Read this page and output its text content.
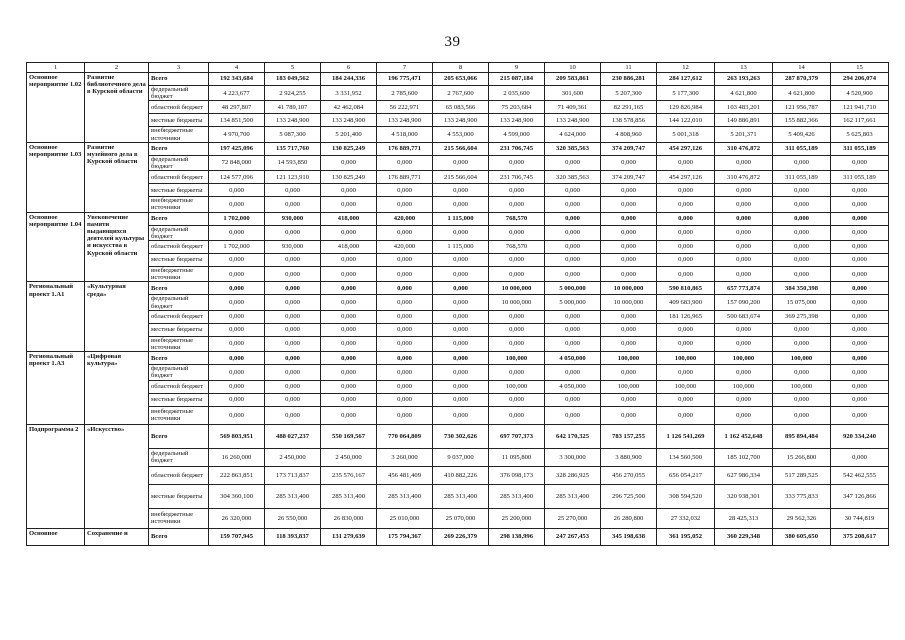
39
1	2	3	4	5	6	7	8	9	10	11	12	13	14	15
Основное мероприятие 1.02	Развитие библиотечного дела в Курской области	Всего	192 343,684	183 049,562	184 244,336	196 775,471	205 653,066	215 087,184	209 583,861	230 886,281	284 127,612	263 193,263	287 870,379	294 206,074
		федеральный бюджет	4 223,677	2 924,255	3 331,952	2 785,600	2 767,600	2 035,600	301,600	5 207,300	5 177,300	4 621,800	4 621,800	4 520,900
		областной бюджет	48 297,807	41 789,107	42 462,084	56 222,971	65 083,566	75 203,684	71 409,361	82 291,165	129 826,984	103 483,201	121 956,787	121 941,710
		местные бюджеты	134 851,500	133 248,900	133 248,900	133 248,900	133 248,900	133 248,900	133 248,900	138 578,856	144 122,010	149 886,891	155 882,366	162 117,661
		внебюджетные источники	4 970,700	5 087,300	5 201,400	4 518,000	4 553,000	4 599,000	4 624,000	4 808,960	5 001,318	5 201,371	5 409,426	5 625,803
Основное мероприятие 1.03	Развитие музейного дела в Курской области	Всего	197 425,096	135 717,760	130 825,249	176 889,771	215 566,604	231 706,745	320 385,563	374 209,747	454 297,126	310 476,872	311 055,189	311 055,189
		федеральный бюджет	72 848,000	14 593,850	0,000	0,000	0,000	0,000	0,000	0,000	0,000	0,000	0,000	0,000
		областной бюджет	124 577,096	121 123,910	130 825,249	176 889,771	215 566,604	231 706,745	320 385,563	374 209,747	454 297,126	310 476,872	311 055,189	311 055,189
		местные бюджеты	0,000	0,000	0,000	0,000	0,000	0,000	0,000	0,000	0,000	0,000	0,000	0,000
		внебюджетные источники	0,000	0,000	0,000	0,000	0,000	0,000	0,000	0,000	0,000	0,000	0,000	0,000
Основное мероприятие 1.04	Увековечение памяти выдающихся деятелей культуры и искусства в Курской области	Всего	1 702,000	930,000	418,000	420,000	1 115,000	768,570	0,000	0,000	0,000	0,000	0,000	0,000
		федеральный бюджет	0,000	0,000	0,000	0,000	0,000	0,000	0,000	0,000	0,000	0,000	0,000	0,000
		областной бюджет	1 702,000	930,000	418,000	420,000	1 115,000	768,570	0,000	0,000	0,000	0,000	0,000	0,000
		местные бюджеты	0,000	0,000	0,000	0,000	0,000	0,000	0,000	0,000	0,000	0,000	0,000	0,000
		внебюджетные источники	0,000	0,000	0,000	0,000	0,000	0,000	0,000	0,000	0,000	0,000	0,000	0,000
Региональный проект 1.А1	«Культурная среда»	Всего	0,000	0,000	0,000	0,000	0,000	10 000,000	5 000,000	10 000,000	590 810,865	657 773,874	384 350,398	0,000
		федеральный бюджет	0,000	0,000	0,000	0,000	0,000	10 000,000	5 000,000	10 000,000	409 683,900	157 090,200	15 075,000	0,000
		областной бюджет	0,000	0,000	0,000	0,000	0,000	0,000	0,000	0,000	181 126,965	500 683,674	369 275,398	0,000
		местные бюджеты	0,000	0,000	0,000	0,000	0,000	0,000	0,000	0,000	0,000	0,000	0,000	0,000
		внебюджетные источники	0,000	0,000	0,000	0,000	0,000	0,000	0,000	0,000	0,000	0,000	0,000	0,000
Региональный проект 1.А3	«Цифровая культура»	Всего	0,000	0,000	0,000	0,000	0,000	100,000	4 050,000	100,000	100,000	100,000	100,000	0,000
		федеральный бюджет	0,000	0,000	0,000	0,000	0,000	0,000	0,000	0,000	0,000	0,000	0,000	0,000
		областной бюджет	0,000	0,000	0,000	0,000	0,000	100,000	4 050,000	100,000	100,000	100,000	100,000	0,000
		местные бюджеты	0,000	0,000	0,000	0,000	0,000	0,000	0,000	0,000	0,000	0,000	0,000	0,000
		внебюджетные источники	0,000	0,000	0,000	0,000	0,000	0,000	0,000	0,000	0,000	0,000	0,000	0,000
Подпрограмма 2	«Искусство»	Всего	569 803,951	488 027,237	550 169,567	770 064,809	730 302,626	697 707,373	642 170,325	783 157,255	1 126 541,269	1 162 452,648	895 894,484	920 334,240
		федеральный бюджет	16 260,000	2 450,000	2 450,000	3 260,000	9 037,000	11 095,800	3 300,000	3 880,900	134 560,500	185 102,700	15 266,800	0,000
		областной бюджет	222 863,851	173 713,837	235 576,167	456 481,409	410 882,226	376 098,173	328 286,925	456 270,055	656 054,217	627 986,334	517 289,525	542 462,555
		местные бюджеты	304 360,100	285 313,400	285 313,400	285 313,400	285 313,400	285 313,400	285 313,400	296 725,500	308 594,520	320 938,301	333 775,833	347 126,866
		внебюджетные источники	26 320,000	26 550,000	26 830,000	25 010,000	25 070,000	25 200,000	25 270,000	26 280,800	27 332,032	28 425,313	29 562,326	30 744,819
Основное	Сохранение и	Всего	159 707,945	118 393,837	131 279,639	175 794,367	269 226,379	298 138,996	247 267,453	345 198,638	361 195,052	360 229,348	380 605,650	375 208,617
